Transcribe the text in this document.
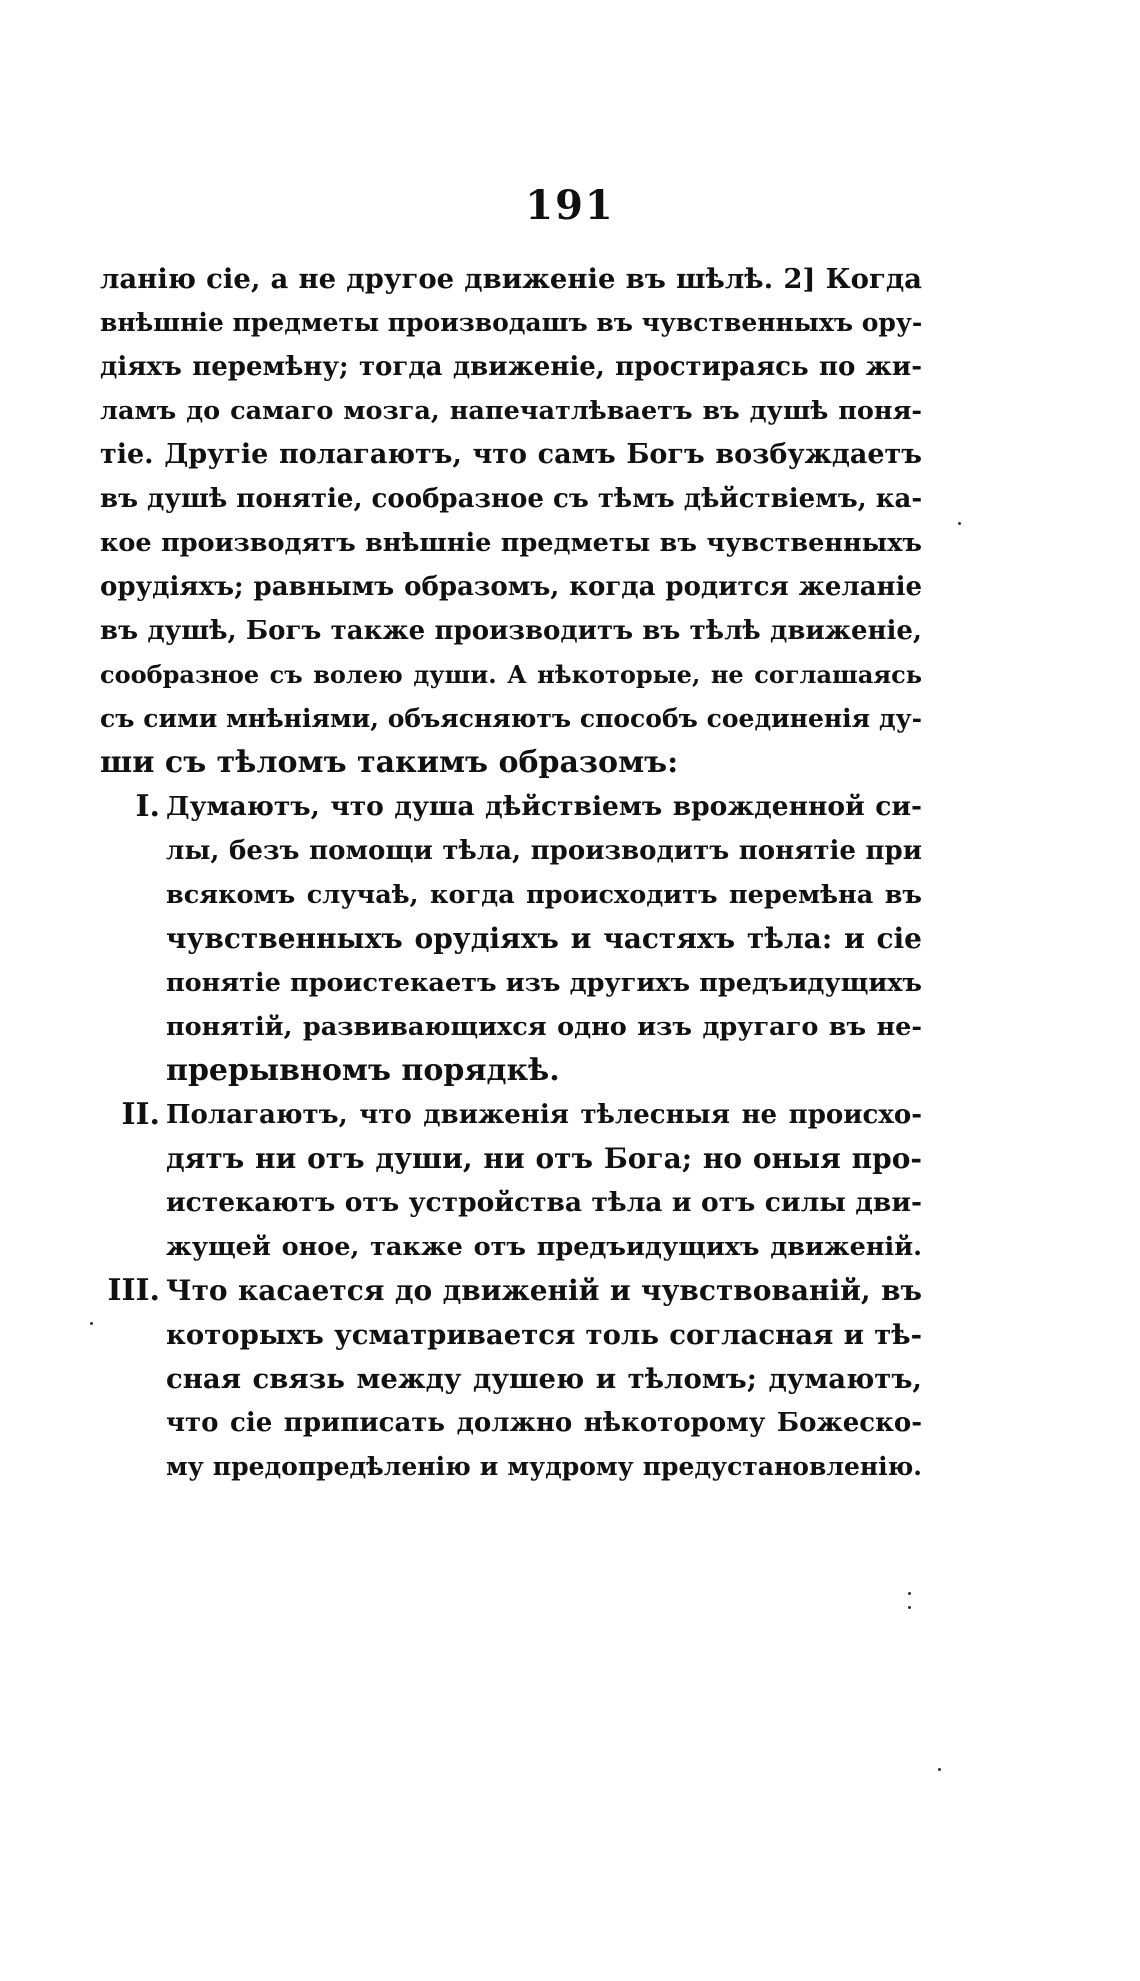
191
ланію сіе, а не другое движеніе въ шѣлѣ. 2] Когда
внѣшніе предметы производашъ въ чувственныхъ ору-
діяхъ перемѣну; тогда движеніе, простираясь по жи-
ламъ до самаго мозга, напечатлѣваетъ въ душѣ поня-
тіе. Другіе полагаютъ, что самъ Богъ возбуждаетъ
въ душѣ понятіе, сообразное съ тѣмъ дѣйствіемъ, ка-
кое производятъ внѣшніе предметы въ чувственныхъ
орудіяхъ; равнымъ образомъ, когда родится желаніе
въ душѣ, Богъ также производитъ въ тѣлѣ движеніе,
сообразное съ волею души. А нѣкоторые, не соглашаясь
съ сими мнѣніями, объясняютъ способъ соединенія ду-
ши съ тѣломъ такимъ образомъ:
I. Думаютъ, что душа дѣйствіемъ врожденной си-
лы, безъ помощи тѣла, производитъ понятіе при
всякомъ случаѣ, когда происходитъ перемѣна въ
чувственныхъ орудіяхъ и частяхъ тѣла: и сіе
понятіе проистекаетъ изъ другихъ предъидущихъ
понятій, развивающихся одно изъ другаго въ не-
прерывномъ порядкѣ.
II. Полагаютъ, что движенія тѣлесныя не происхо-
дятъ ни отъ души, ни отъ Бога; но оныя про-
истекаютъ отъ устройства тѣла и отъ силы дви-
жущей оное, также отъ предъидущихъ движеній.
III. Что касается до движеній и чувствованій, въ
которыхъ усматривается толь согласная и тѣ-
сная связь между душею и тѣломъ; думаютъ,
что сіе приписать должно нѣкоторому Божеско-
му предопредѣленію и мудрому предустановленію.
